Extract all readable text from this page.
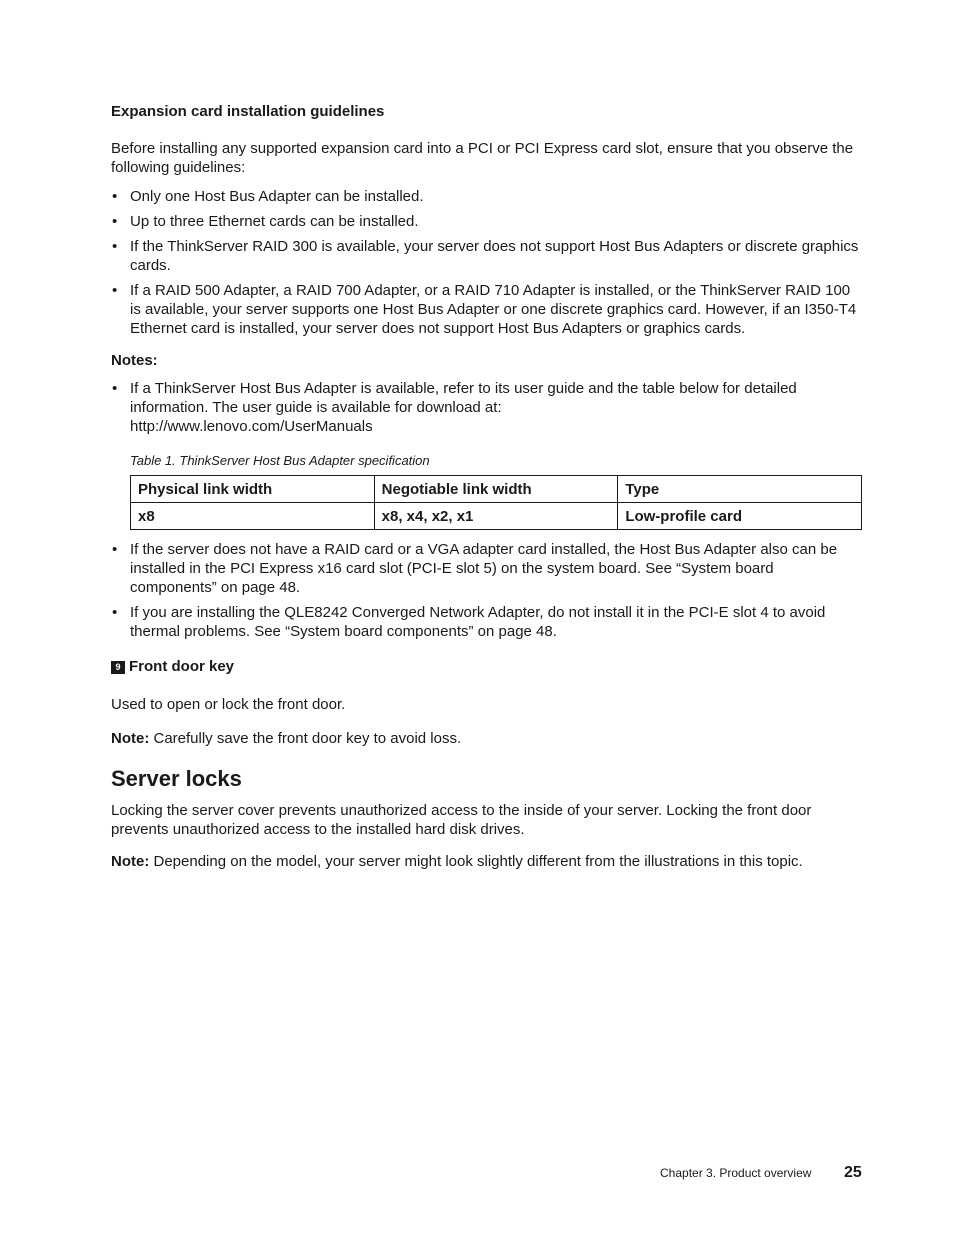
Expansion card installation guidelines
Before installing any supported expansion card into a PCI or PCI Express card slot, ensure that you observe the following guidelines:
• Only one Host Bus Adapter can be installed.
• Up to three Ethernet cards can be installed.
• If the ThinkServer RAID 300 is available, your server does not support Host Bus Adapters or discrete graphics cards.
• If a RAID 500 Adapter, a RAID 700 Adapter, or a RAID 710 Adapter is installed, or the ThinkServer RAID 100 is available, your server supports one Host Bus Adapter or one discrete graphics card. However, if an I350-T4 Ethernet card is installed, your server does not support Host Bus Adapters or graphics cards.
Notes:
• If a ThinkServer Host Bus Adapter is available, refer to its user guide and the table below for detailed information. The user guide is available for download at:
http://www.lenovo.com/UserManuals
Table 1. ThinkServer Host Bus Adapter specification
Physical link width	Negotiable link width	Type
x8	x8, x4, x2, x1	Low-profile card
• If the server does not have a RAID card or a VGA adapter card installed, the Host Bus Adapter also can be installed in the PCI Express x16 card slot (PCI-E slot 5) on the system board. See “System board components” on page 48.
• If you are installing the QLE8242 Converged Network Adapter, do not install it in the PCI-E slot 4 to avoid thermal problems. See “System board components” on page 48.
9 Front door key
Used to open or lock the front door.
Note: Carefully save the front door key to avoid loss.
Server locks
Locking the server cover prevents unauthorized access to the inside of your server. Locking the front door prevents unauthorized access to the installed hard disk drives.
Note: Depending on the model, your server might look slightly different from the illustrations in this topic.
Chapter 3. Product overview 25
